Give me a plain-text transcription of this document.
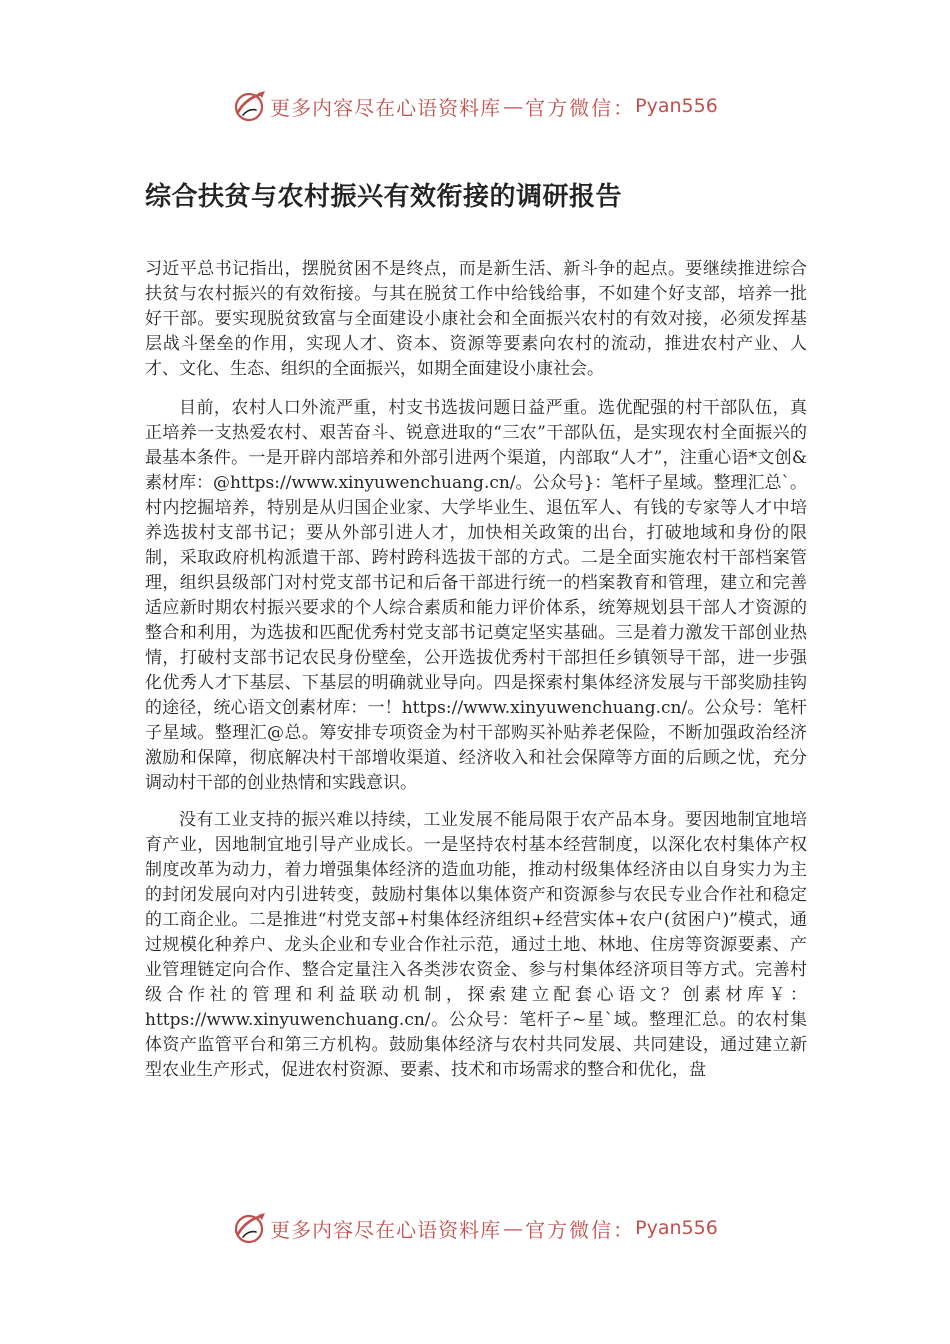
更多内容尽在心语资料库 — 官方微信： Pyan556
综合扶贫与农村振兴有效衔接的调研报告

习近平总书记指出，摆脱贫困不是终点，而是新生活、新斗争的起点。要继续推进综合扶贫与农村振兴的有效衔接。与其在脱贫工作中给钱给事，不如建个好支部，培养一批好干部。要实现脱贫致富与全面建设小康社会和全面振兴农村的有效对接，必须发挥基层战斗堡垒的作用，实现人才、资本、资源等要素向农村的流动，推进农村产业、人才、文化、生态、组织的全面振兴，如期全面建设小康社会。

目前，农村人口外流严重，村支书选拔问题日益严重。选优配强的村干部队伍，真正培养一支热爱农村、艰苦奋斗、锐意进取的“三农”干部队伍，是实现农村全面振兴的最基本条件。一是开辟内部培养和外部引进两个渠道，内部取“人才”，注重心语*文创&素材库：@https://www.xinyuwenchuang.cn/。公众号}：笔杆子星域。整理汇总`。村内挖掘培养，特别是从归国企业家、大学毕业生、退伍军人、有钱的专家等人才中培养选拔村支部书记；要从外部引进人才，加快相关政策的出台，打破地域和身份的限制，采取政府机构派遣干部、跨村跨科选拔干部的方式。二是全面实施农村干部档案管理，组织县级部门对村党支部书记和后备干部进行统一的档案教育和管理，建立和完善适应新时期农村振兴要求的个人综合素质和能力评价体系，统筹规划县干部人才资源的整合和利用，为选拔和匹配优秀村党支部书记奠定坚实基础。三是着力激发干部创业热情，打破村支部书记农民身份壁垒，公开选拔优秀村干部担任乡镇领导干部，进一步强化优秀人才下基层、下基层的明确就业导向。四是探索村集体经济发展与干部奖励挂钩的途径，统心语文创素材库：一！https://www.xinyuwenchuang.cn/。公众号：笔杆子星域。整理汇@总。筹安排专项资金为村干部购买补贴养老保险，不断加强政治经济激励和保障，彻底解决村干部增收渠道、经济收入和社会保障等方面的后顾之忧，充分调动村干部的创业热情和实践意识。

没有工业支持的振兴难以持续，工业发展不能局限于农产品本身。要因地制宜地培育产业，因地制宜地引导产业成长。一是坚持农村基本经营制度，以深化农村集体产权制度改革为动力，着力增强集体经济的造血功能，推动村级集体经济由以自身实力为主的封闭发展向对内引进转变，鼓励村集体以集体资产和资源参与农民专业合作社和稳定的工商企业。二是推进“村党支部+村集体经济组织+经营实体+农户(贫困户)”模式，通过规模化种养户、龙头企业和专业合作社示范，通过土地、林地、住房等资源要素、产业管理链定向合作、整合定量注入各类涉农资金、参与村集体经济项目等方式。完善村级合作社的管理和利益联动机制，探索建立配套心语文？创素材库￥：https://www.xinyuwenchuang.cn/。公众号：笔杆子~星`域。整理汇总。的农村集体资产监管平台和第三方机构。鼓励集体经济与农村共同发展、共同建设，通过建立新型农业生产形式，促进农村资源、要素、技术和市场需求的整合和优化，盘

更多内容尽在心语资料库 — 官方微信： Pyan556
